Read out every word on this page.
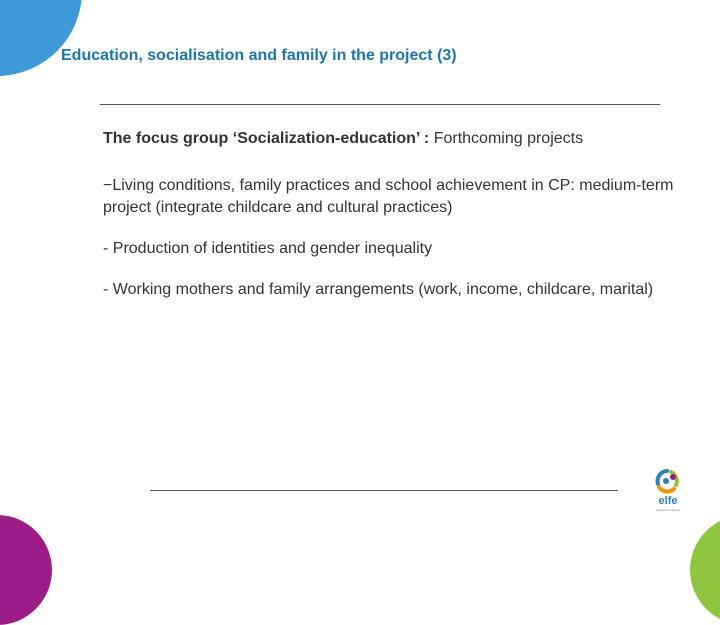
Education, socialisation and family in the project (3)

The focus group ‘Socialization-education’ : Forthcoming projects

−Living conditions, family practices and school achievement in CP: medium-term project (integrate childcare and cultural practices)

- Production of identities and gender inequality

- Working mothers and family arrangements (work, income, childcare, marital)

elfe
enfance en france
